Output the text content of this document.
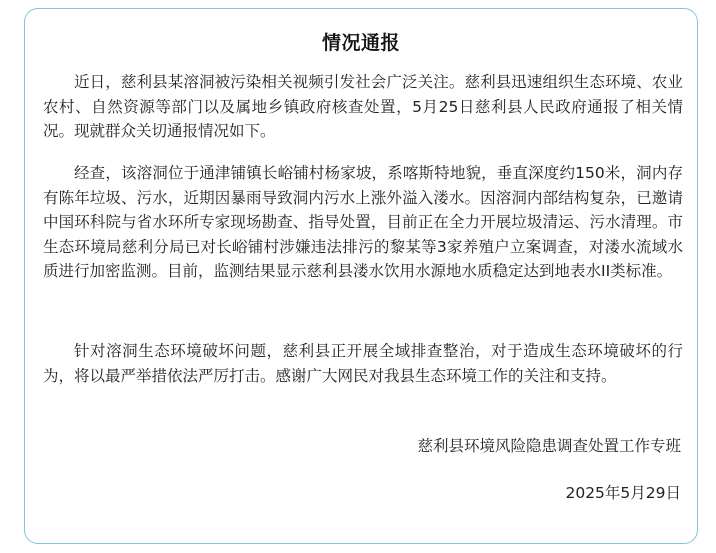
情况通报

近日，慈利县某溶洞被污染相关视频引发社会广泛关注。慈利县迅速组织生态环境、农业农村、自然资源等部门以及属地乡镇政府核查处置，5月25日慈利县人民政府通报了相关情况。现就群众关切通报情况如下。

经查，该溶洞位于通津铺镇长峪铺村杨家坡，系喀斯特地貌，垂直深度约150米，洞内存有陈年垃圾、污水，近期因暴雨导致洞内污水上涨外溢入溇水。因溶洞内部结构复杂，已邀请中国环科院与省水环所专家现场勘查、指导处置，目前正在全力开展垃圾清运、污水清理。市生态环境局慈利分局已对长峪铺村涉嫌违法排污的黎某等3家养殖户立案调查，对溇水流域水质进行加密监测。目前，监测结果显示慈利县溇水饮用水源地水质稳定达到地表水II类标准。

针对溶洞生态环境破坏问题，慈利县正开展全域排查整治，对于造成生态环境破坏的行为，将以最严举措依法严厉打击。感谢广大网民对我县生态环境工作的关注和支持。

慈利县环境风险隐患调查处置工作专班
2025年5月29日
